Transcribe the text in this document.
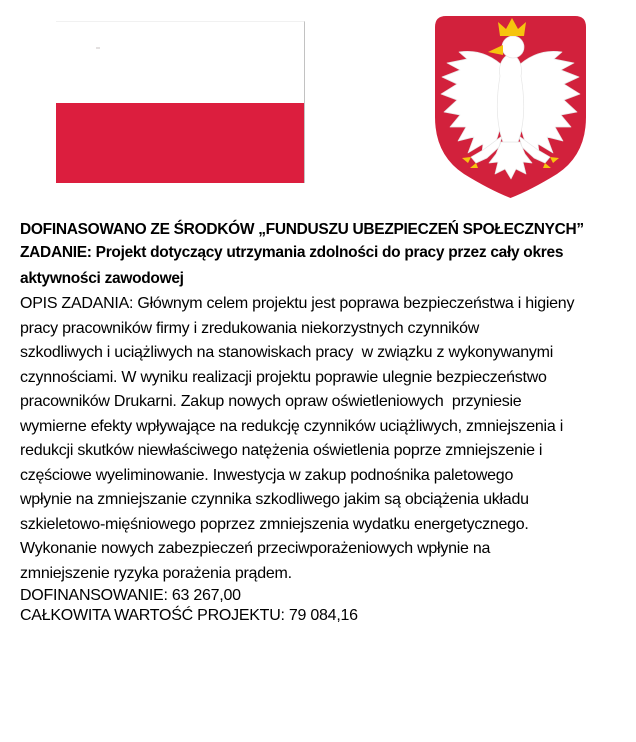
DOFINASOWANO ZE ŚRODKÓW „FUNDUSZU UBEZPIECZEŃ SPOŁECZNYCH”

ZADANIE: Projekt dotyczący utrzymania zdolności do pracy przez cały okres
aktywności zawodowej

OPIS ZADANIA: Głównym celem projektu jest poprawa bezpieczeństwa i higieny
pracy pracowników firmy i zredukowania niekorzystnych czynników
szkodliwych i uciążliwych na stanowiskach pracy  w związku z wykonywanymi
czynnościami. W wyniku realizacji projektu poprawie ulegnie bezpieczeństwo
pracowników Drukarni. Zakup nowych opraw oświetleniowych  przyniesie
wymierne efekty wpływające na redukcję czynników uciążliwych, zmniejszenia i
redukcji skutków niewłaściwego natężenia oświetlenia poprze zmniejszenie i
częściowe wyeliminowanie. Inwestycja w zakup podnośnika paletowego
wpłynie na zmniejszanie czynnika szkodliwego jakim są obciążenia układu
szkieletowo-mięśniowego poprzez zmniejszenia wydatku energetycznego.
Wykonanie nowych zabezpieczeń przeciwporażeniowych wpłynie na
zmniejszenie ryzyka porażenia prądem.

DOFINANSOWANIE: 63 267,00

CAŁKOWITA WARTOŚĆ PROJEKTU: 79 084,16
